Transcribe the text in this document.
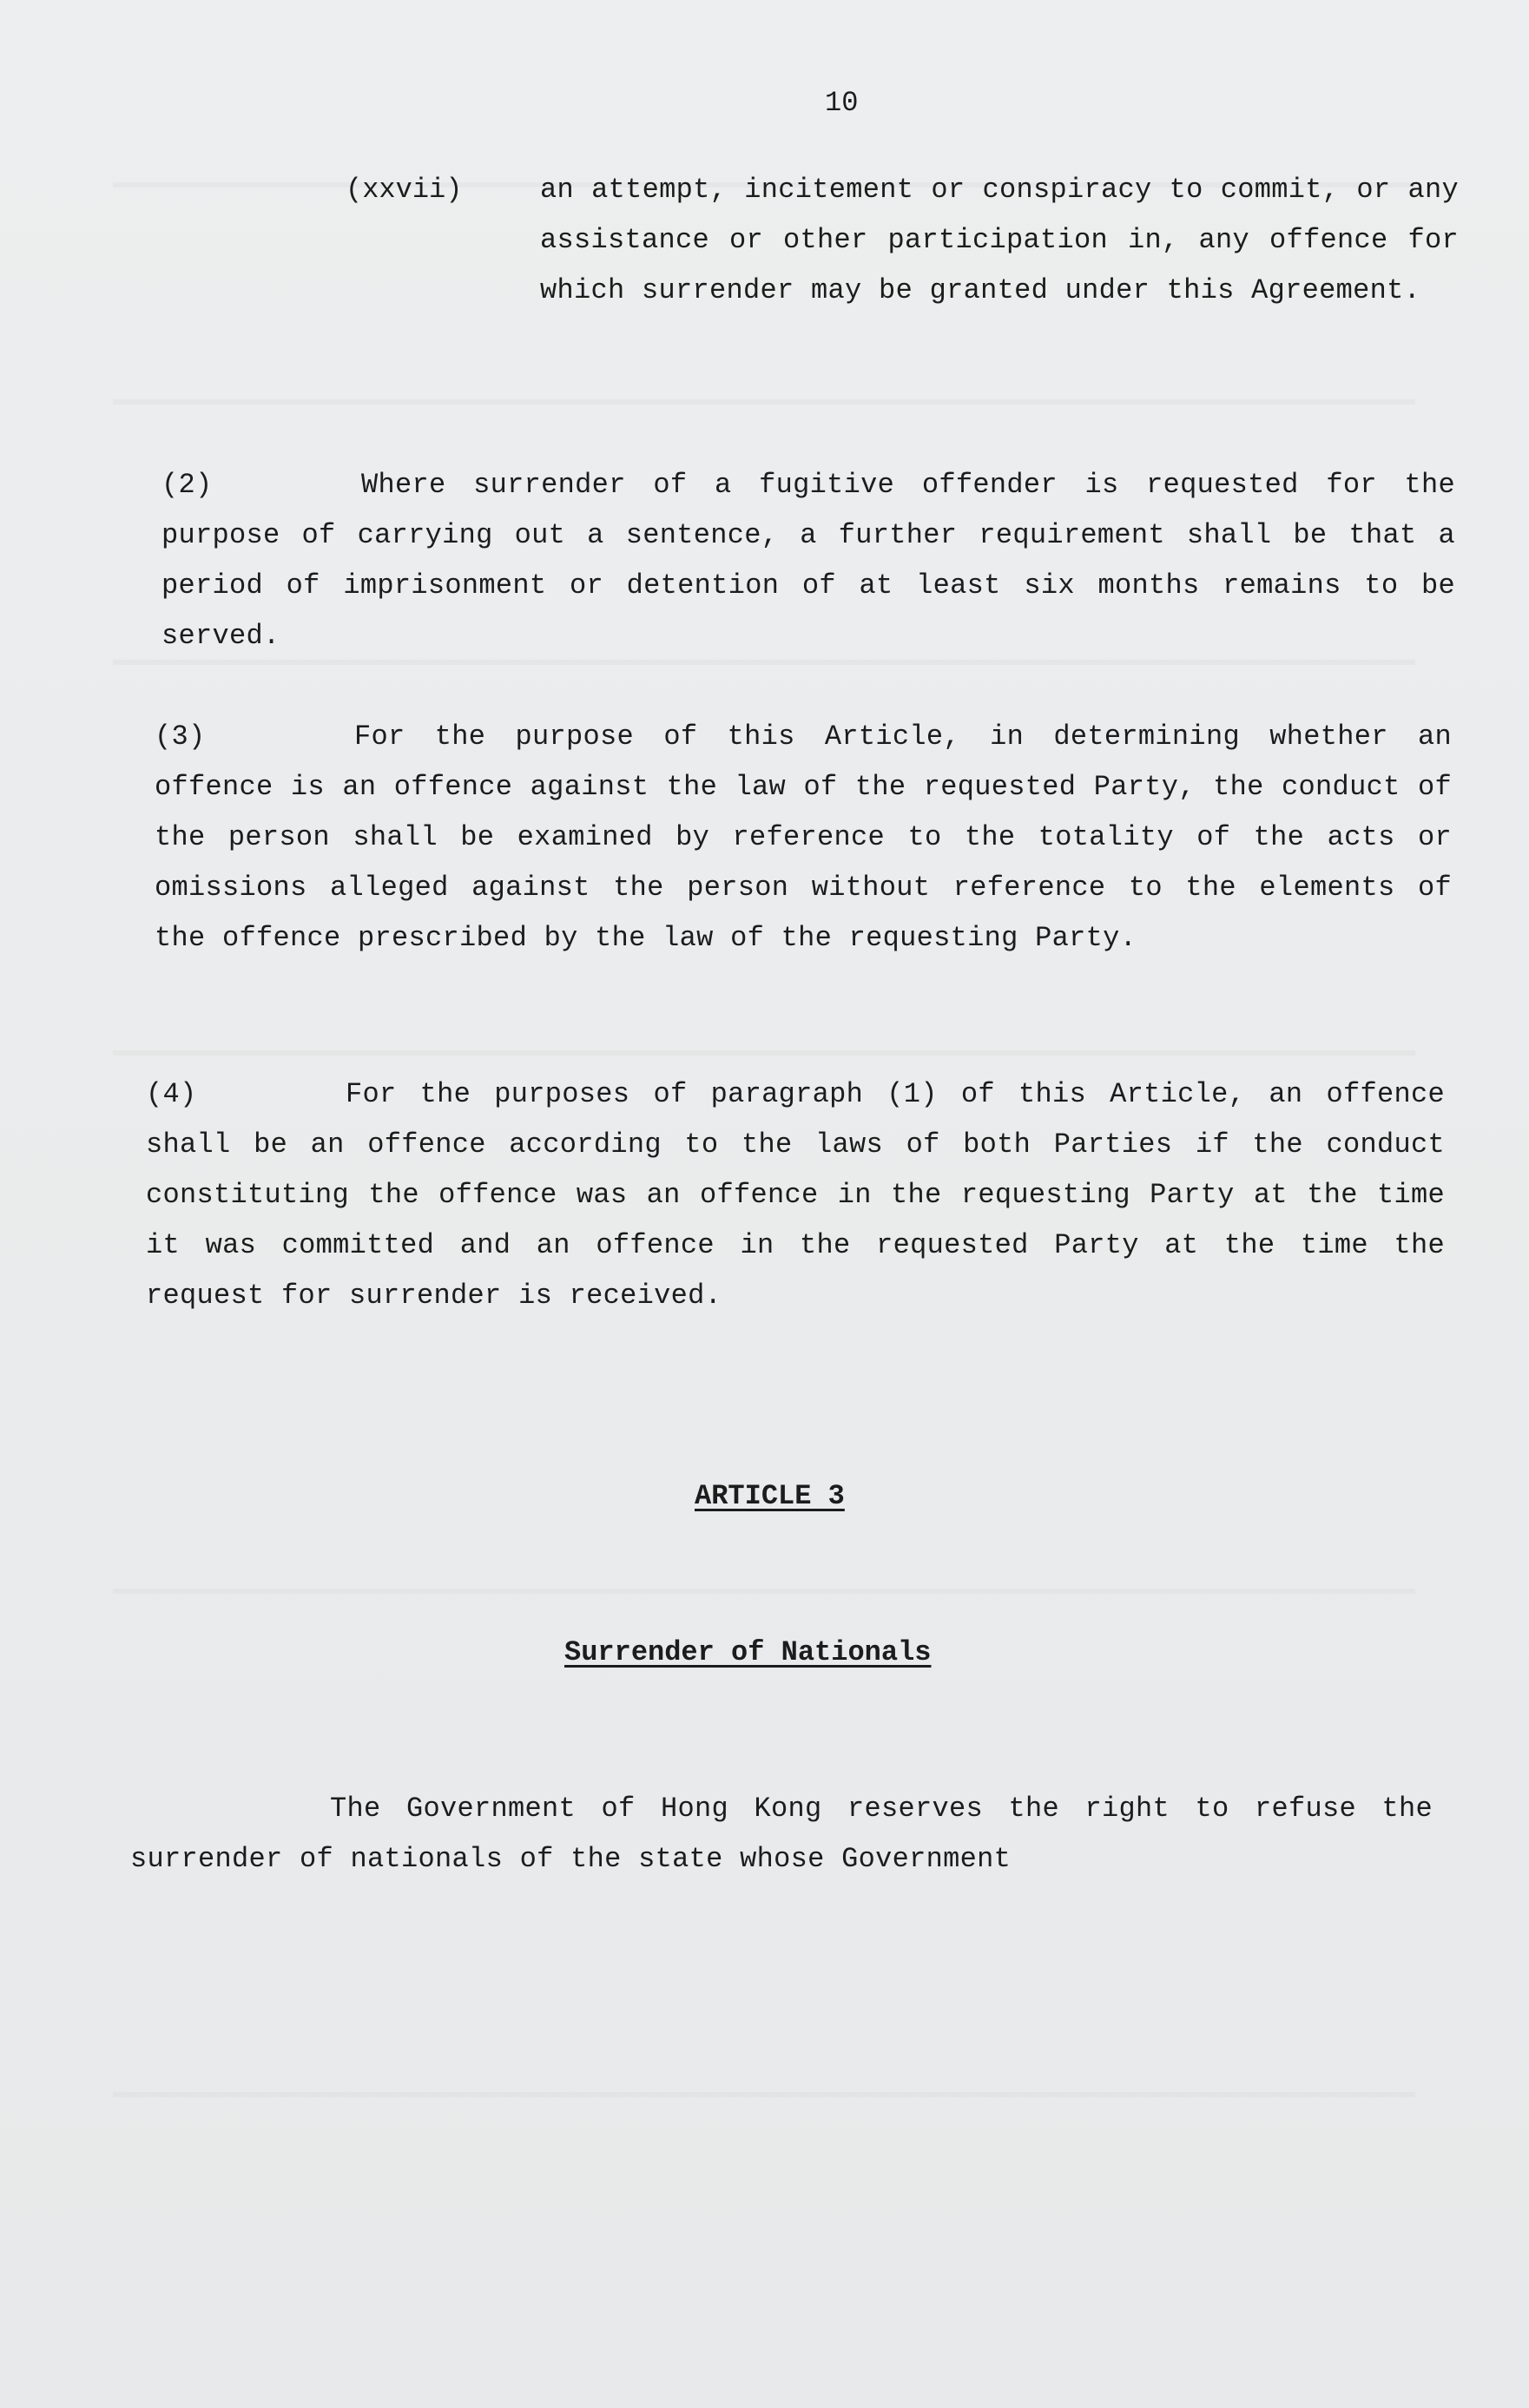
10
(xxvii)	an attempt, incitement or conspiracy to commit, or any assistance or other participation in, any offence for which surrender may be granted under this Agreement.
(2)	Where surrender of a fugitive offender is requested for the purpose of carrying out a sentence, a further requirement shall be that a period of imprisonment or detention of at least six months remains to be served.
(3)	For the purpose of this Article, in determining whether an offence is an offence against the law of the requested Party, the conduct of the person shall be examined by reference to the totality of the acts or omissions alleged against the person without reference to the elements of the offence prescribed by the law of the requesting Party.
(4)	For the purposes of paragraph (1) of this Article, an offence shall be an offence according to the laws of both Parties if the conduct constituting the offence was an offence in the requesting Party at the time it was committed and an offence in the requested Party at the time the request for surrender is received.
ARTICLE 3
Surrender of Nationals
The Government of Hong Kong reserves the right to refuse the surrender of nationals of the state whose Government
